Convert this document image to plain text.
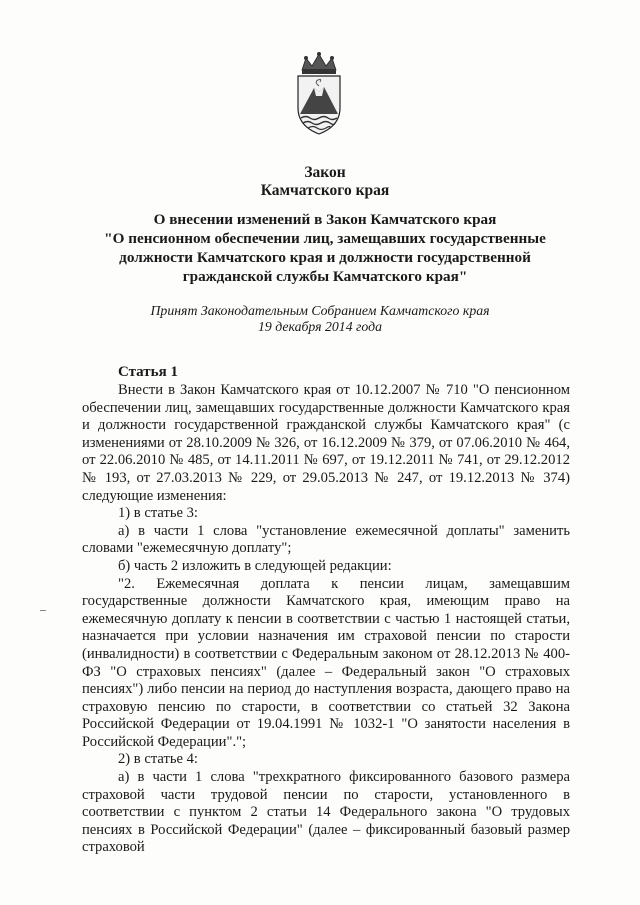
Закон
Камчатского края
О внесении изменений в Закон Камчатского края
"О пенсионном обеспечении лиц, замещавших государственные
должности Камчатского края и должности государственной
гражданской службы Камчатского края"
Принят Законодательным Собранием Камчатского края
19 декабря 2014 года
Статья 1

Внести в Закон Камчатского края от 10.12.2007 № 710 "О пенсионном обеспечении лиц, замещавших государственные должности Камчатского края и должности государственной гражданской службы Камчатского края" (с изменениями от 28.10.2009 № 326, от 16.12.2009 № 379, от 07.06.2010 № 464, от 22.06.2010 № 485, от 14.11.2011 № 697, от 19.12.2011 № 741, от 29.12.2012 № 193, от 27.03.2013 № 229, от 29.05.2013 № 247, от 19.12.2013 № 374) следующие изменения:

1) в статье 3:

а) в части 1 слова "установление ежемесячной доплаты" заменить словами "ежемесячную доплату";

б) часть 2 изложить в следующей редакции:

"2. Ежемесячная доплата к пенсии лицам, замещавшим государственные должности Камчатского края, имеющим право на ежемесячную доплату к пенсии в соответствии с частью 1 настоящей статьи, назначается при условии назначения им страховой пенсии по старости (инвалидности) в соответствии с Федеральным законом от 28.12.2013 № 400-ФЗ "О страховых пенсиях" (далее – Федеральный закон "О страховых пенсиях") либо пенсии на период до наступления возраста, дающего право на страховую пенсию по старости, в соответствии со статьей 32 Закона Российской Федерации от 19.04.1991 № 1032-1 "О занятости населения в Российской Федерации".";

2) в статье 4:

а) в части 1 слова "трехкратного фиксированного базового размера страховой части трудовой пенсии по старости, установленного в соответствии с пунктом 2 статьи 14 Федерального закона "О трудовых пенсиях в Российской Федерации" (далее – фиксированный базовый размер страховой
